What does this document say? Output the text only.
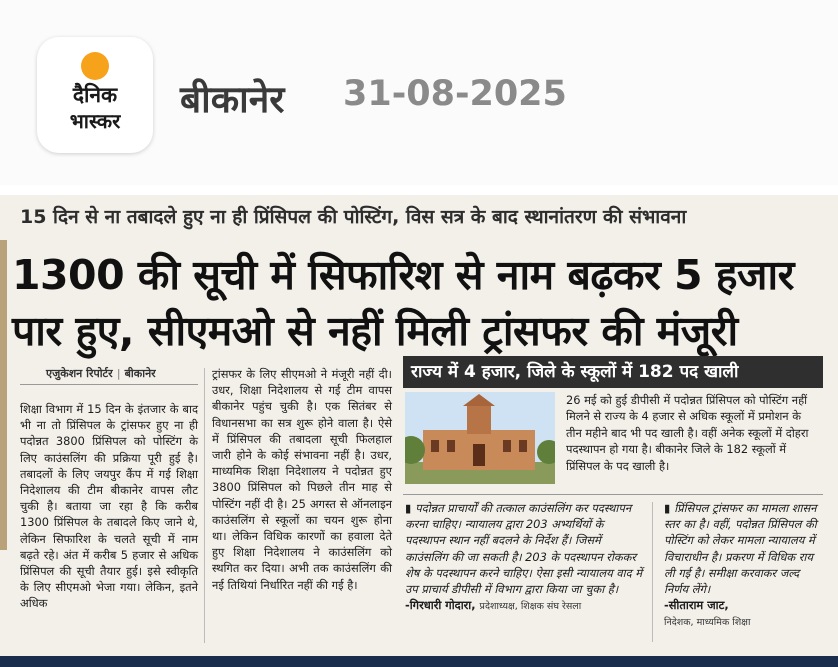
दैनिक
भास्कर	बीकानेर 31-08-2025
15 दिन से ना तबादले हुए ना ही प्रिंसिपल की पोस्टिंग, विस सत्र के बाद स्थानांतरण की संभावना
1300 की सूची में सिफारिश से नाम बढ़कर 5 हजार
पार हुए, सीएमओ से नहीं मिली ट्रांसफर की मंजूरी
एजुकेशन रिपोर्टर | बीकानेर
शिक्षा विभाग में 15 दिन के इंतजार के बाद भी ना तो प्रिंसिपल के ट्रांसफर हुए ना ही पदोन्नत 3800 प्रिंसिपल को पोस्टिंग के लिए काउंसलिंग की प्रक्रिया पूरी हुई है। तबादलों के लिए जयपुर कैंप में गई शिक्षा निदेशालय की टीम बीकानेर वापस लौट चुकी है। बताया जा रहा है कि करीब 1300 प्रिंसिपल के तबादले किए जाने थे, लेकिन सिफारिश के चलते सूची में नाम बढ़ते रहे। अंत में करीब 5 हजार से अधिक प्रिंसिपल की सूची तैयार हुई। इसे स्वीकृति के लिए सीएमओ भेजा गया। लेकिन, इतने अधिक
ट्रांसफर के लिए सीएमओ ने मंजूरी नहीं दी। उधर, शिक्षा निदेशालय से गई टीम वापस बीकानेर पहुंच चुकी है। एक सितंबर से विधानसभा का सत्र शुरू होने वाला है। ऐसे में प्रिंसिपल की तबादला सूची फिलहाल जारी होने के कोई संभावना नहीं है। उधर, माध्यमिक शिक्षा निदेशालय ने पदोन्नत हुए 3800 प्रिंसिपल को पिछले तीन माह से पोस्टिंग नहीं दी है। 25 अगस्त से ऑनलाइन काउंसलिंग से स्कूलों का चयन शुरू होना था। लेकिन विधिक कारणों का हवाला देते हुए शिक्षा निदेशालय ने काउंसलिंग को स्थगित कर दिया। अभी तक काउंसलिंग की नई तिथियां निर्धारित नहीं की गई है।
राज्य में 4 हजार, जिले के स्कूलों में 182 पद खाली
26 मई को हुई डीपीसी में पदोन्नत प्रिंसिपल को पोस्टिंग नहीं मिलने से राज्य के 4 हजार से अधिक स्कूलों में प्रमोशन के तीन महीने बाद भी पद खाली है। वहीं अनेक स्कूलों में दोहरा पदस्थापन हो गया है। बीकानेर जिले के 182 स्कूलों में प्रिंसिपल के पद खाली है।
▮ पदोन्नत प्राचार्यों की तत्काल काउंसलिंग कर पदस्थापन करना चाहिए। न्यायालय द्वारा 203 अभ्यर्थियों के पदस्थापन स्थान नहीं बदलने के निर्देश हैं। जिसमें काउंसलिंग की जा सकती है। 203 के पदस्थापन रोककर शेष के पदस्थापन करने चाहिए। ऐसा इसी न्यायालय वाद में उप प्राचार्य डीपीसी में विभाग द्वारा किया जा चुका है।
-गिरधारी गोदारा, प्रदेशाध्यक्ष, शिक्षक संघ रेसला
▮ प्रिंसिपल ट्रांसफर का मामला शासन स्तर का है। वहीं, पदोन्नत प्रिंसिपल की पोस्टिंग को लेकर मामला न्यायालय में विचाराधीन है। प्रकरण में विधिक राय ली गई है। समीक्षा करवाकर जल्द निर्णय लेंगे।
-सीताराम जाट,
निदेशक, माध्यमिक शिक्षा
